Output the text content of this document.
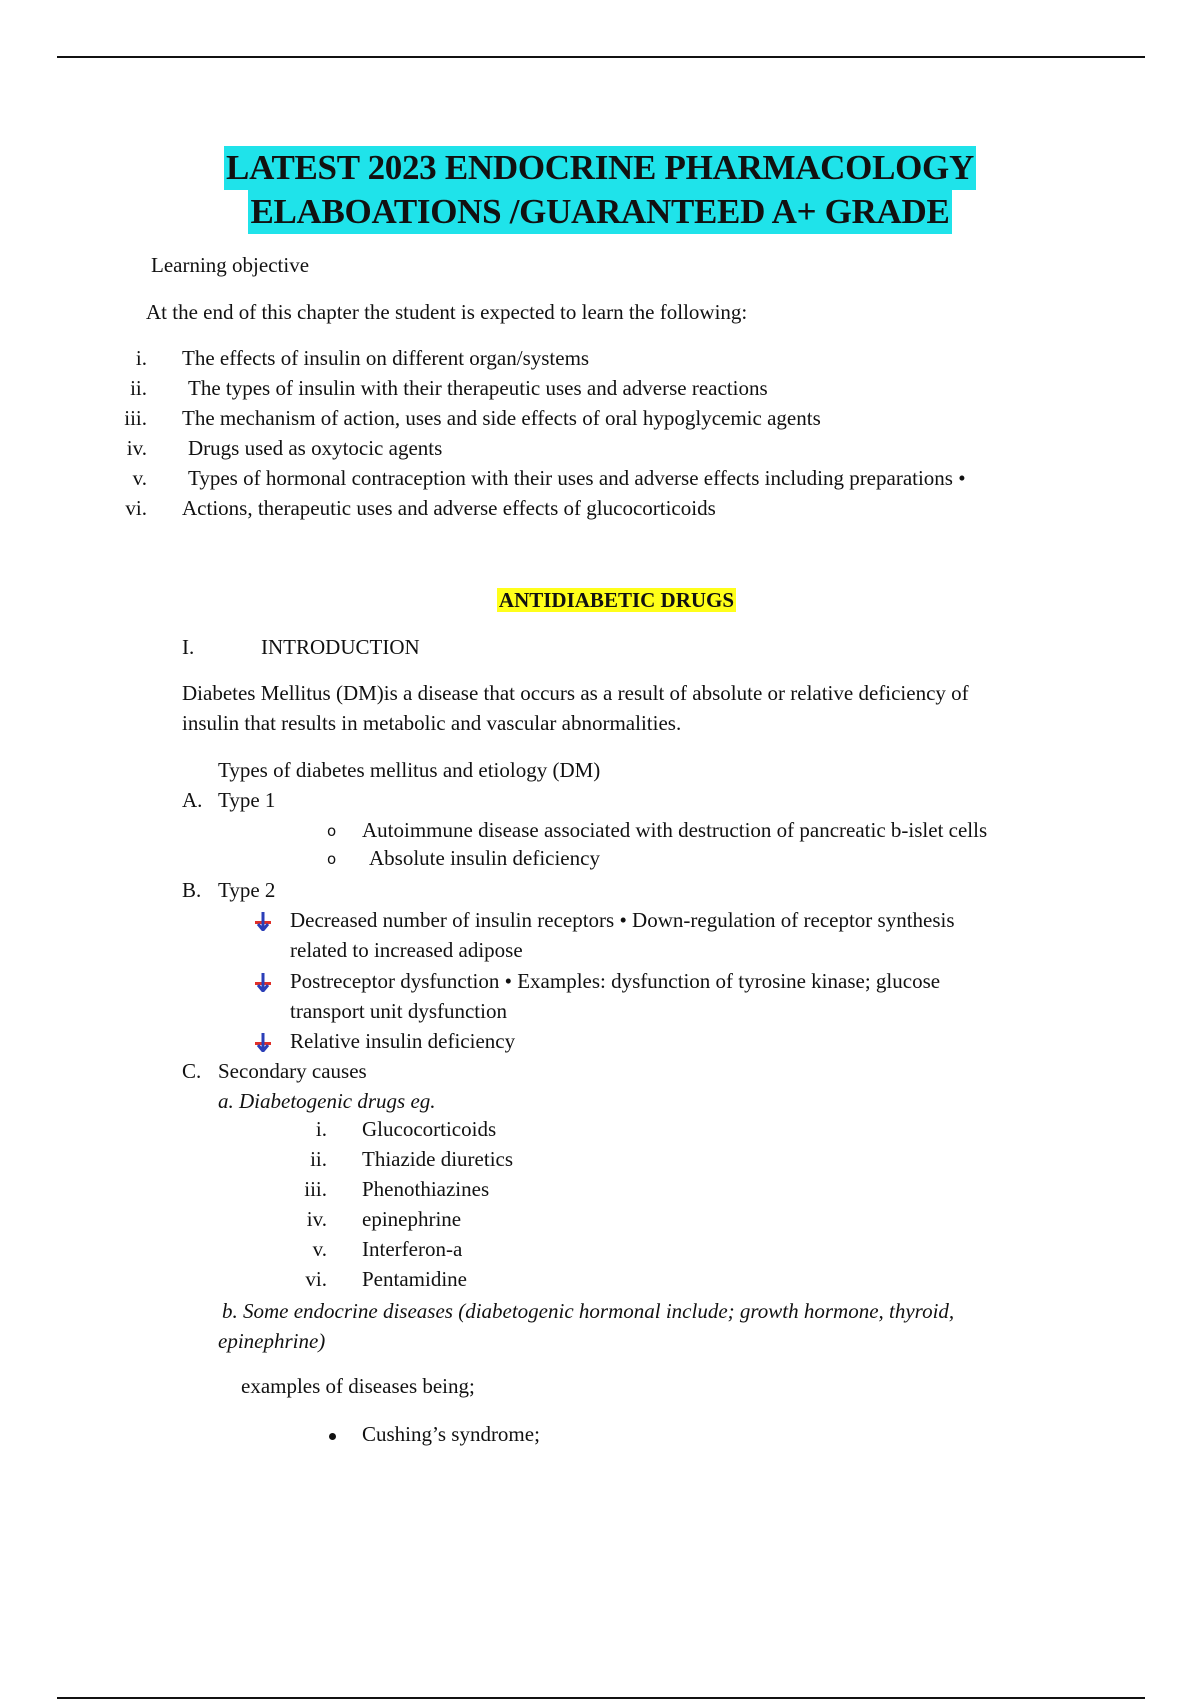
LATEST 2023 ENDOCRINE PHARMACOLOGY
ELABOATIONS /GUARANTEED A+ GRADE
Learning objective
At the end of this chapter the student is expected to learn the following:
i. The effects of insulin on different organ/systems
ii. The types of insulin with their therapeutic uses and adverse reactions
iii. The mechanism of action, uses and side effects of oral hypoglycemic agents
iv. Drugs used as oxytocic agents
v. Types of hormonal contraception with their uses and adverse effects including preparations •
vi. Actions, therapeutic uses and adverse effects of glucocorticoids
ANTIDIABETIC DRUGS
I.	INTRODUCTION
Diabetes Mellitus (DM)is a disease that occurs as a result of absolute or relative deficiency of
insulin that results in metabolic and vascular abnormalities.
Types of diabetes mellitus and etiology (DM)
A. Type 1
o Autoimmune disease associated with destruction of pancreatic b-islet cells
o Absolute insulin deficiency
B. Type 2
Decreased number of insulin receptors • Down-regulation of receptor synthesis
related to increased adipose
Postreceptor dysfunction • Examples: dysfunction of tyrosine kinase; glucose
transport unit dysfunction
Relative insulin deficiency
C. Secondary causes
a. Diabetogenic drugs eg.
i. Glucocorticoids
ii. Thiazide diuretics
iii. Phenothiazines
iv. epinephrine
v. Interferon-a
vi. Pentamidine
b. Some endocrine diseases (diabetogenic hormonal include; growth hormone, thyroid,
epinephrine)
examples of diseases being;
Cushing’s syndrome;
